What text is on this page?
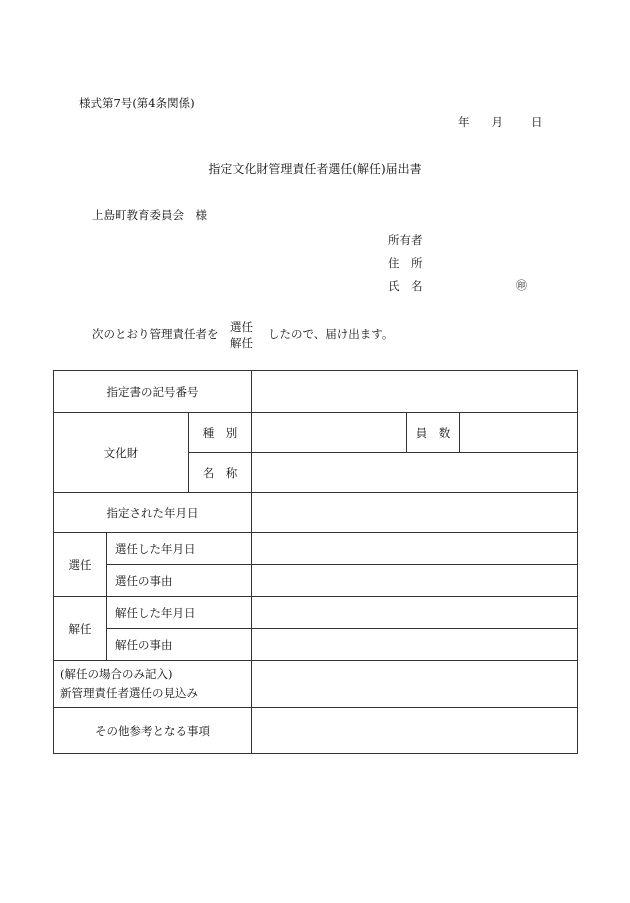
様式第7号(第4条関係)
年 月 日
指定文化財管理責任者選任(解任)届出書
上島町教育委員会　様
所有者
住　所
氏　名	㊞
次のとおり管理責任者を 選任
解任
したので、届け出ます。
指定書の記号番号					
文化財		種　別		員　数	
		名　称			
指定された年月日					
選任	選任した年月日				
	選任の事由				
解任	解任した年月日				
	解任の事由				

(解任の場合のみ記入)
新管理責任者選任の見込み					

その他参考となる事項					
